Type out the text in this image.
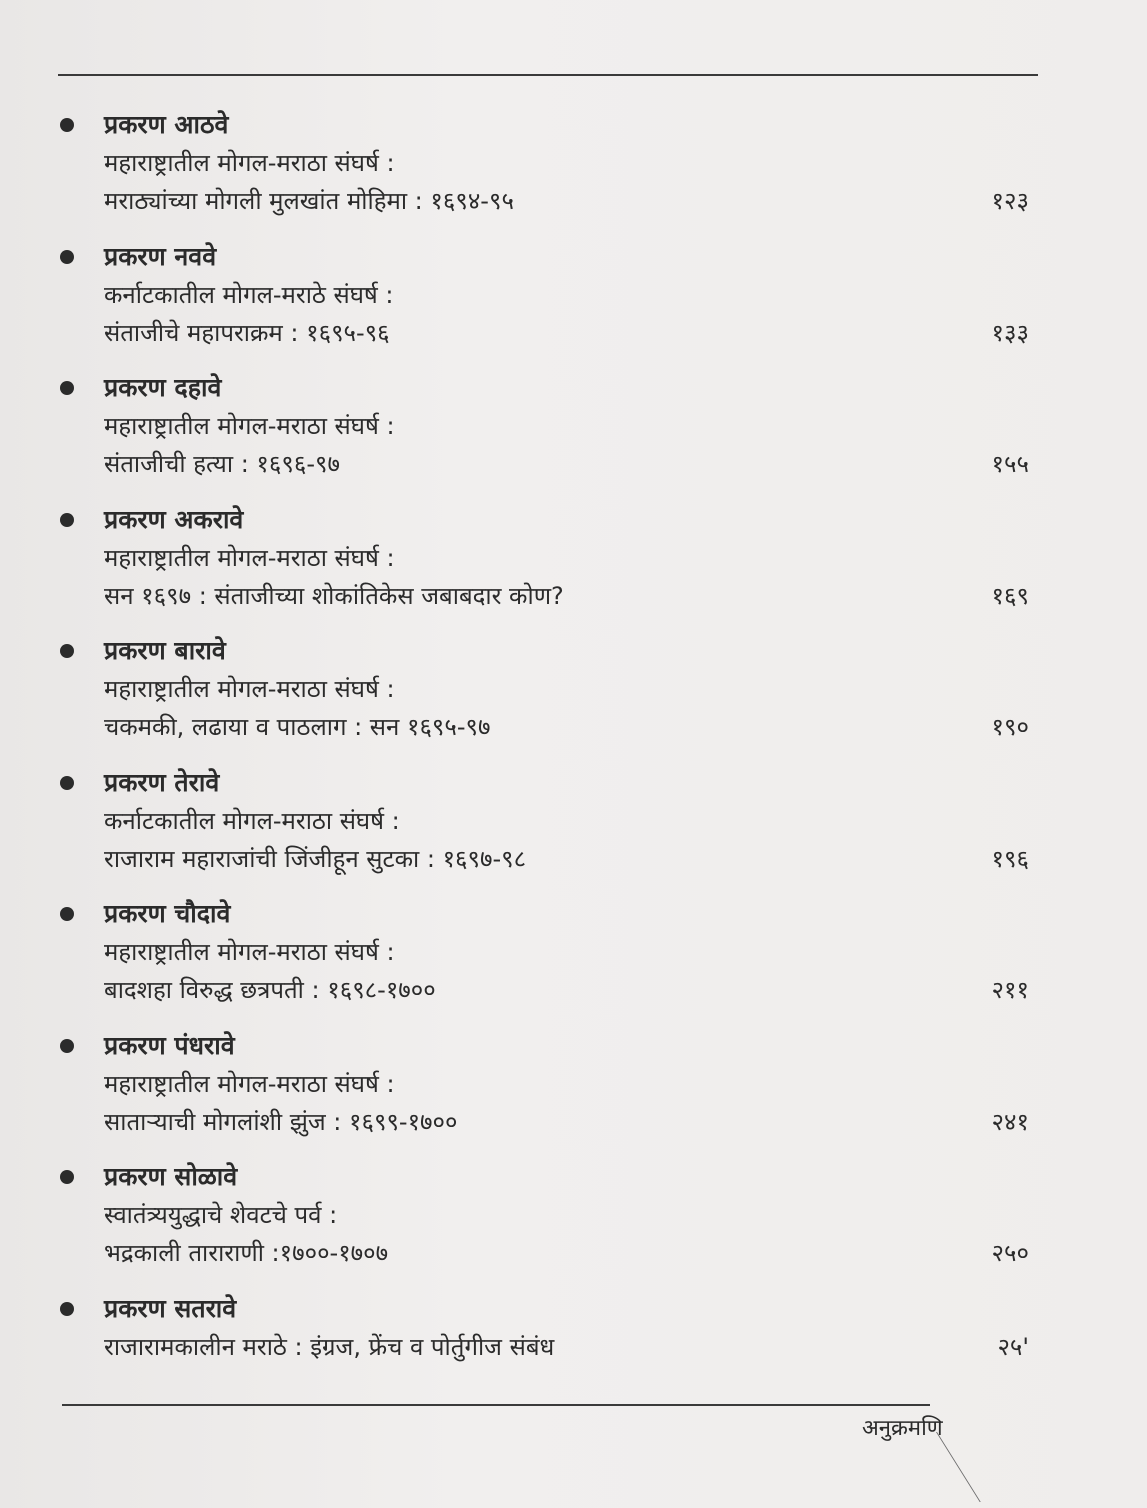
प्रकरण आठवे
महाराष्ट्रातील मोगल-मराठा संघर्ष :
मराठ्यांच्या मोगली मुलखांत मोहिमा : १६९४-९५	१२३
प्रकरण नववे
कर्नाटकातील मोगल-मराठे संघर्ष :
संताजीचे महापराक्रम : १६९५-९६	१३३
प्रकरण दहावे
महाराष्ट्रातील मोगल-मराठा संघर्ष :
संताजीची हत्या : १६९६-९७	१५५
प्रकरण अकरावे
महाराष्ट्रातील मोगल-मराठा संघर्ष :
सन १६९७ : संताजीच्या शोकांतिकेस जबाबदार कोण?	१६९
प्रकरण बारावे
महाराष्ट्रातील मोगल-मराठा संघर्ष :
चकमकी, लढाया व पाठलाग : सन १६९५-९७	१९०
प्रकरण तेरावे
कर्नाटकातील मोगल-मराठा संघर्ष :
राजाराम महाराजांची जिंजीहून सुटका : १६९७-९८	१९६
प्रकरण चौदावे
महाराष्ट्रातील मोगल-मराठा संघर्ष :
बादशहा विरुद्ध छत्रपती : १६९८-१७००	२११
प्रकरण पंधरावे
महाराष्ट्रातील मोगल-मराठा संघर्ष :
साताऱ्याची मोगलांशी झुंज : १६९९-१७००	२४१
प्रकरण सोळावे
स्वातंत्र्ययुद्धाचे शेवटचे पर्व :
भद्रकाली ताराराणी :१७००-१७०७	२५०
प्रकरण सतरावे
राजारामकालीन मराठे : इंग्रज, फ्रेंच व पोर्तुगीज संबंध	२५'
अनुक्रमणि
